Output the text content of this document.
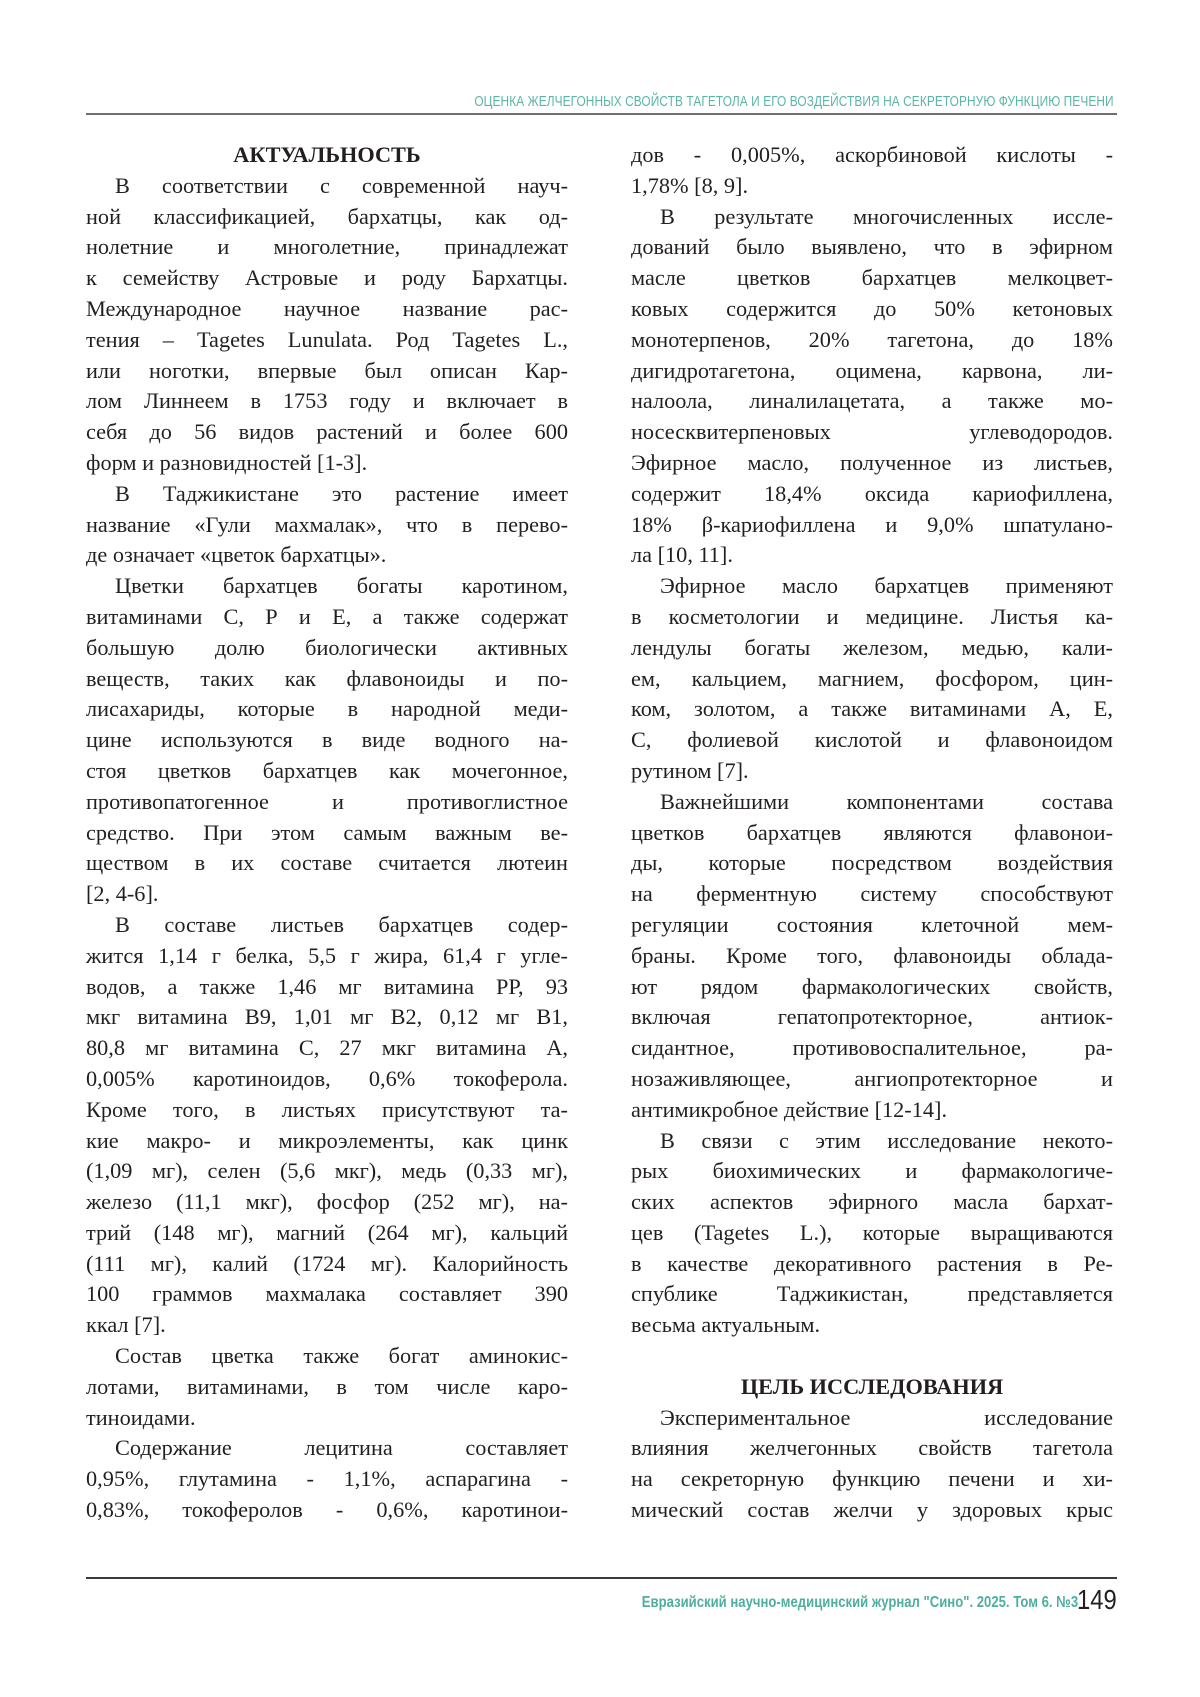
ОЦЕНКА ЖЕЛЧЕГОННЫХ СВОЙСТВ ТАГЕТОЛА И ЕГО ВОЗДЕЙСТВИЯ НА СЕКРЕТОРНУЮ ФУНКЦИЮ ПЕЧЕНИ
АКТУАЛЬНОСТЬ
В соответствии с современной науч-
ной классификацией, бархатцы, как од-
нолетние и многолетние, принадлежат
к семейству Астровые и роду Бархатцы.
Международное научное название рас-
тения – Tagetes Lunulata. Род Tagetes L.,
или ноготки, впервые был описан Кар-
лом Линнеем в 1753 году и включает в
себя до 56 видов растений и более 600
форм и разновидностей [1-3].
В Таджикистане это растение имеет
название «Гули махмалак», что в перево-
де означает «цветок бархатцы».
Цветки бархатцев богаты каротином,
витаминами С, Р и Е, а также содержат
большую долю биологически активных
веществ, таких как флавоноиды и по-
лисахариды, которые в народной меди-
цине используются в виде водного на-
стоя цветков бархатцев как мочегонное,
противопатогенное и противоглистное
средство. При этом самым важным ве-
ществом в их составе считается лютеин
[2, 4-6].
В составе листьев бархатцев содер-
жится 1,14 г белка, 5,5 г жира, 61,4 г угле-
водов, а также 1,46 мг витамина РР, 93
мкг витамина В9, 1,01 мг В2, 0,12 мг В1,
80,8 мг витамина С, 27 мкг витамина А,
0,005% каротиноидов, 0,6% токоферола.
Кроме того, в листьях присутствуют та-
кие макро- и микроэлементы, как цинк
(1,09 мг), селен (5,6 мкг), медь (0,33 мг),
железо (11,1 мкг), фосфор (252 мг), на-
трий (148 мг), магний (264 мг), кальций
(111 мг), калий (1724 мг). Калорийность
100 граммов махмалака составляет 390
ккал [7].
Состав цветка также богат аминокис-
лотами, витаминами, в том числе каро-
тиноидами.
Содержание лецитина составляет
0,95%, глутамина - 1,1%, аспарагина -
0,83%, токоферолов - 0,6%, каротинои-
дов - 0,005%, аскорбиновой кислоты -
1,78% [8, 9].
В результате многочисленных иссле-
дований было выявлено, что в эфирном
масле цветков бархатцев мелкоцвет-
ковых содержится до 50% кетоновых
монотерпенов, 20% тагетона, до 18%
дигидротагетона, оцимена, карвона, ли-
налоола, линалилацетата, а также мо-
носесквитерпеновых углеводородов.
Эфирное масло, полученное из листьев,
содержит 18,4% оксида кариофиллена,
18% β-кариофиллена и 9,0% шпатулано-
ла [10, 11].
Эфирное масло бархатцев применяют
в косметологии и медицине. Листья ка-
лендулы богаты железом, медью, кали-
ем, кальцием, магнием, фосфором, цин-
ком, золотом, а также витаминами А, Е,
С, фолиевой кислотой и флавоноидом
рутином [7].
Важнейшими компонентами состава
цветков бархатцев являются флавонои-
ды, которые посредством воздействия
на ферментную систему способствуют
регуляции состояния клеточной мем-
браны. Кроме того, флавоноиды облада-
ют рядом фармакологических свойств,
включая гепатопротекторное, антиок-
сидантное, противовоспалительное, ра-
нозаживляющее, ангиопротекторное и
антимикробное действие [12-14].
В связи с этим исследование некото-
рых биохимических и фармакологиче-
ских аспектов эфирного масла бархат-
цев (Tagetes L.), которые выращиваются
в качестве декоративного растения в Ре-
спублике Таджикистан, представляется
весьма актуальным.
ЦЕЛЬ ИССЛЕДОВАНИЯ
Экспериментальное исследование
влияния желчегонных свойств тагетола
на секреторную функцию печени и хи-
мический состав желчи у здоровых крыс
Евразийский научно-медицинский журнал "Сино". 2025. Том 6. №3 149
